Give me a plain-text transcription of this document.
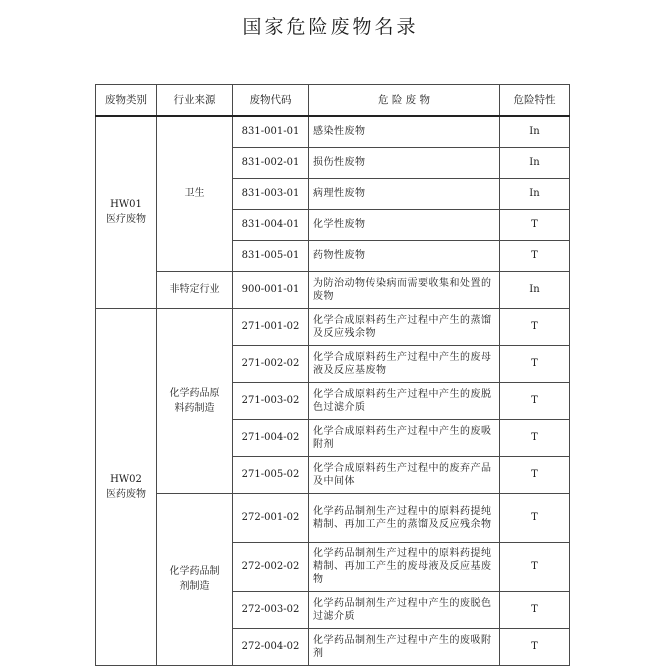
国家危险废物名录
废物类别	行业来源	废物代码	危 险 废 物	危险特性

HW01
医疗废物	卫生	831-001-01	感染性废物	In
		831-002-01	损伤性废物	In
		831-003-01	病理性废物	In
		831-004-01	化学性废物	T
		831-005-01	药物性废物	T
	非特定行业	900-001-01	为防治动物传染病而需要收集和处置的废物	In

HW02
医药废物	化学药品原料药制造	271-001-02	化学合成原料药生产过程中产生的蒸馏及反应残余物	T
		271-002-02	化学合成原料药生产过程中产生的废母液及反应基废物	T
		271-003-02	化学合成原料药生产过程中产生的废脱色过滤介质	T
		271-004-02	化学合成原料药生产过程中产生的废吸附剂	T
		271-005-02	化学合成原料药生产过程中的废弃产品及中间体	T
	化学药品制剂制造	272-001-02	化学药品制剂生产过程中的原料药提纯精制、再加工产生的蒸馏及反应残余物	T
		272-002-02	化学药品制剂生产过程中的原料药提纯精制、再加工产生的废母液及反应基废物	T
		272-003-02	化学药品制剂生产过程中产生的废脱色过滤介质	T
		272-004-02	化学药品制剂生产过程中产生的废吸附剂	T
